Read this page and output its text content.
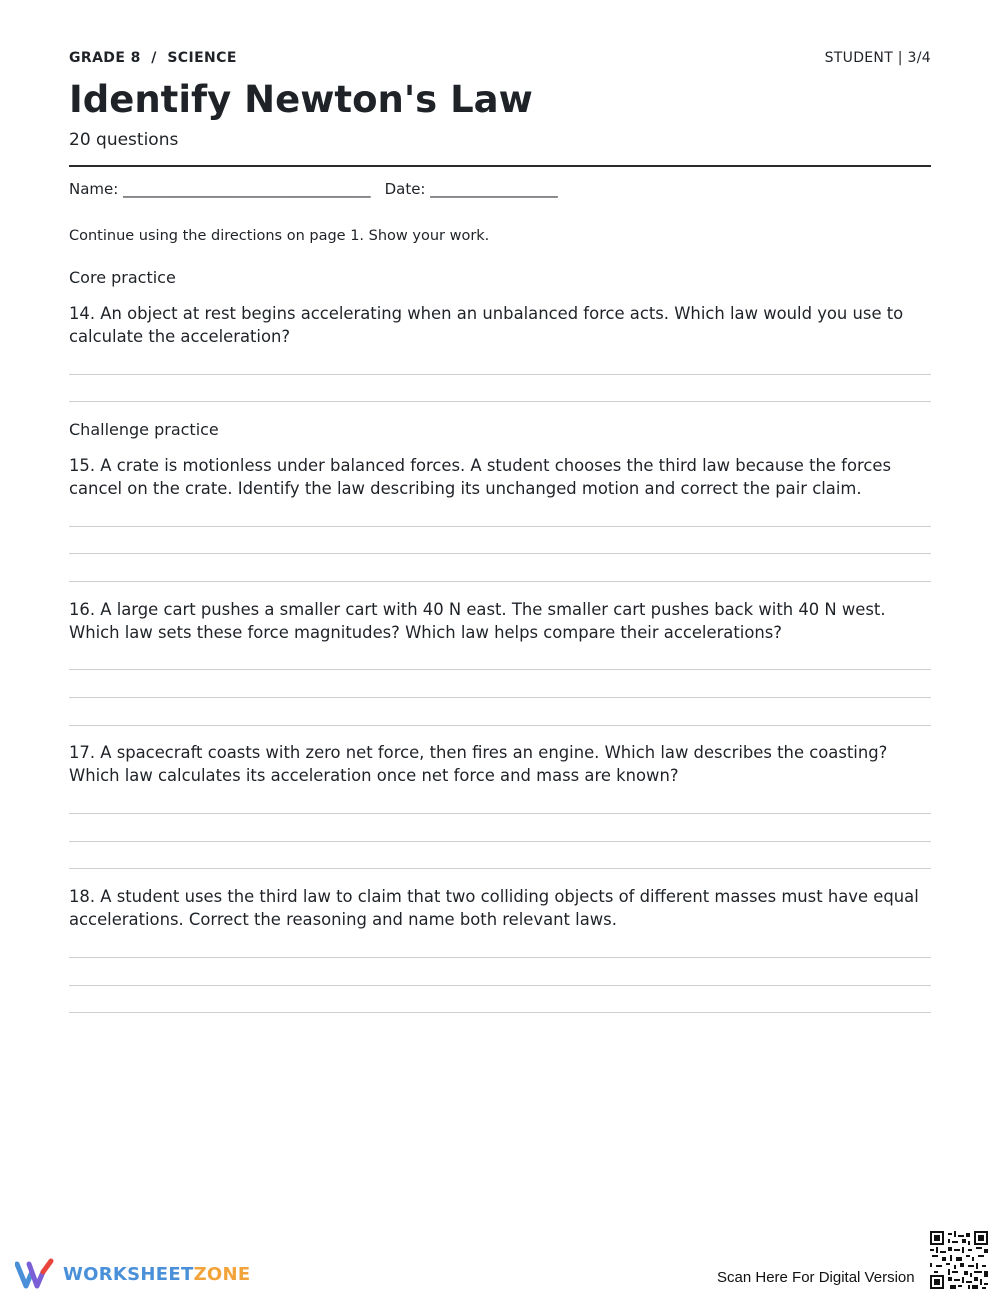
GRADE 8  /  SCIENCE	STUDENT | 3/4
Identify Newton's Law
20 questions
Name: _________________________________ Date: _________________
Continue using the directions on page 1. Show your work.
Core practice
14. An object at rest begins accelerating when an unbalanced force acts. Which law would you use to calculate the acceleration?
Challenge practice
15. A crate is motionless under balanced forces. A student chooses the third law because the forces cancel on the crate. Identify the law describing its unchanged motion and correct the pair claim.
16. A large cart pushes a smaller cart with 40 N east. The smaller cart pushes back with 40 N west. Which law sets these force magnitudes? Which law helps compare their accelerations?
17. A spacecraft coasts with zero net force, then fires an engine. Which law describes the coasting? Which law calculates its acceleration once net force and mass are known?
18. A student uses the third law to claim that two colliding objects of different masses must have equal accelerations. Correct the reasoning and name both relevant laws.
WORKSHEETZONE	Scan Here For Digital Version
